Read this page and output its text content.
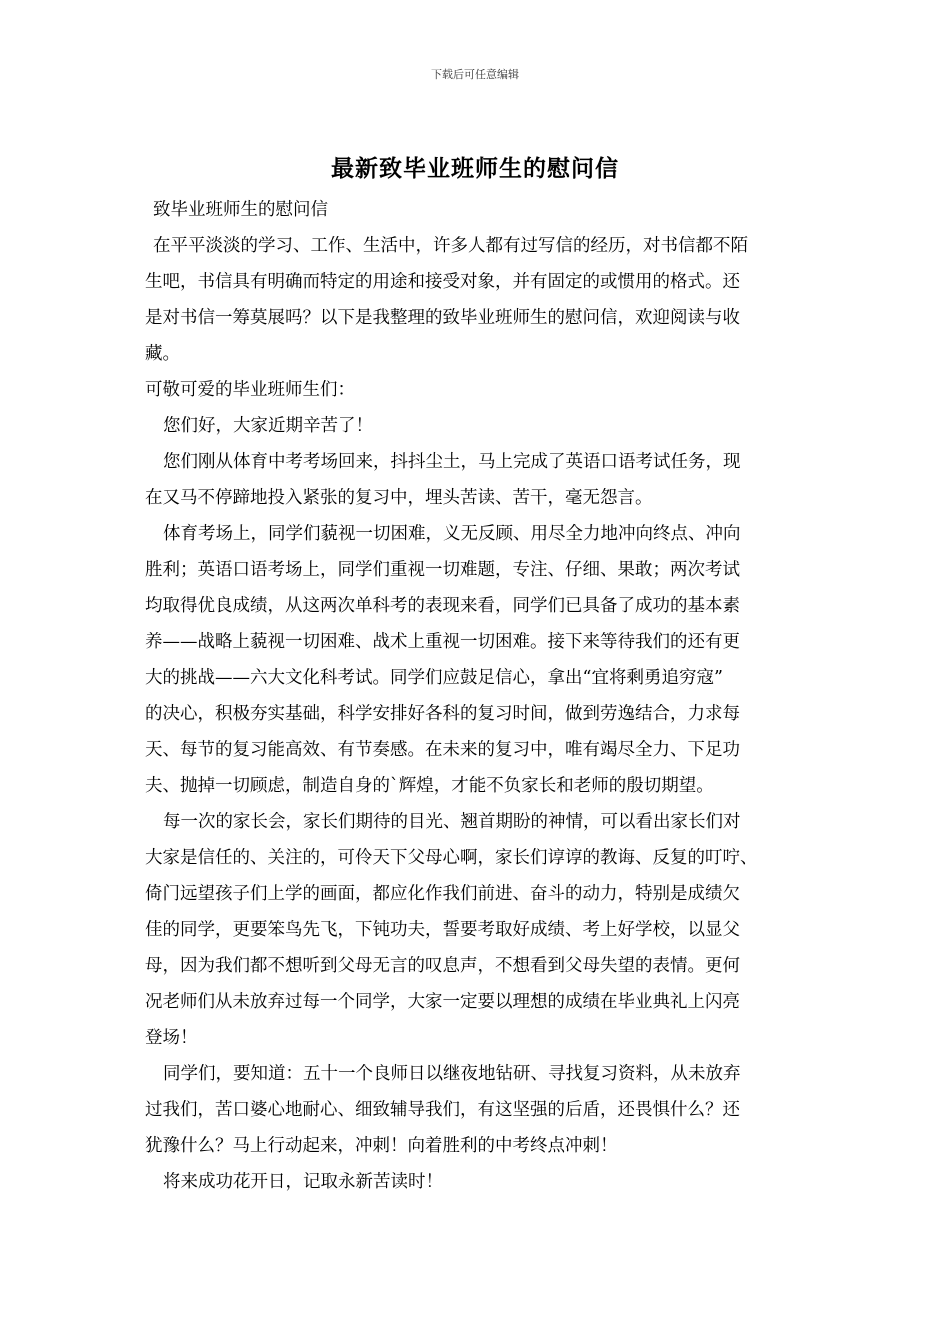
下载后可任意编辑
最新致毕业班师生的慰问信
致毕业班师生的慰问信
在平平淡淡的学习、工作、生活中，许多人都有过写信的经历，对书信都不陌
生吧，书信具有明确而特定的用途和接受对象，并有固定的或惯用的格式。还
是对书信一筹莫展吗？以下是我整理的致毕业班师生的慰问信，欢迎阅读与收
藏。
可敬可爱的毕业班师生们：
您们好，大家近期辛苦了！
您们刚从体育中考考场回来，抖抖尘土，马上完成了英语口语考试任务，现
在又马不停蹄地投入紧张的复习中，埋头苦读、苦干，毫无怨言。
体育考场上，同学们藐视一切困难，义无反顾、用尽全力地冲向终点、冲向
胜利；英语口语考场上，同学们重视一切难题，专注、仔细、果敢；两次考试
均取得优良成绩，从这两次单科考的表现来看，同学们已具备了成功的基本素
养——战略上藐视一切困难、战术上重视一切困难。接下来等待我们的还有更
大的挑战——六大文化科考试。同学们应鼓足信心，拿出“宜将剩勇追穷寇”
的决心，积极夯实基础，科学安排好各科的复习时间，做到劳逸结合，力求每
天、每节的复习能高效、有节奏感。在未来的复习中，唯有竭尽全力、下足功
夫、抛掉一切顾虑，制造自身的`辉煌，才能不负家长和老师的殷切期望。
每一次的家长会，家长们期待的目光、翘首期盼的神情，可以看出家长们对
大家是信任的、关注的，可伶天下父母心啊，家长们谆谆的教诲、反复的叮咛、
倚门远望孩子们上学的画面，都应化作我们前进、奋斗的动力，特别是成绩欠
佳的同学，更要笨鸟先飞，下钝功夫，誓要考取好成绩、考上好学校，以显父
母，因为我们都不想听到父母无言的叹息声，不想看到父母失望的表情。更何
况老师们从未放弃过每一个同学，大家一定要以理想的成绩在毕业典礼上闪亮
登场！
同学们，要知道：五十一个良师日以继夜地钻研、寻找复习资料，从未放弃
过我们，苦口婆心地耐心、细致辅导我们，有这坚强的后盾，还畏惧什么？还
犹豫什么？马上行动起来，冲刺！向着胜利的中考终点冲刺！
将来成功花开日，记取永新苦读时！
